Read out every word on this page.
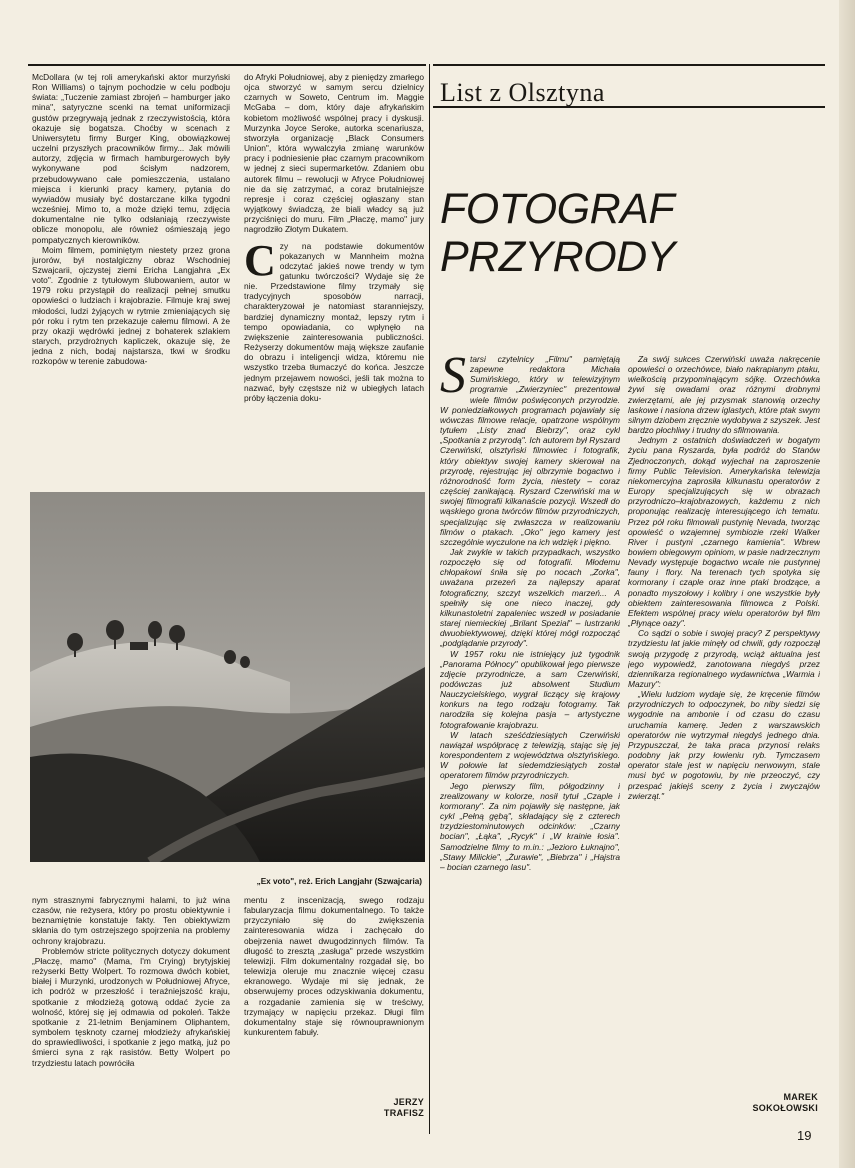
List z Olsztyna
FOTOGRAF
PRZYRODY

McDollara (w tej roli amerykański aktor murzyński Ron Williams) o tajnym pochodzie w celu podboju świata: „Tuczenie zamiast zbrojeń – hamburger jako mina", satyryczne scenki na temat uniformizacji gustów przegrywają jednak z rzeczywistością, która okazuje się bogatsza. Choćby w scenach z Uniwersytetu firmy Burger King, obowiązkowej uczelni przyszłych pracowników firmy... Jak mówili autorzy, zdjęcia w firmach hamburgerowych były wykonywane pod ścisłym nadzorem, przebudowywano całe pomieszczenia, ustalano miejsca i kierunki pracy kamery, pytania do wywiadów musiały być dostarczane kilka tygodni wcześniej. Mimo to, a może dzięki temu, zdjęcia dokumentalne nie tylko odsłaniają rzeczywiste oblicze monopolu, ale również ośmieszają jego pompatycznych kierowników.

Moim filmem, pominiętym niestety przez grona jurorów, był nostalgiczny obraz Wschodniej Szwajcarii, ojczystej ziemi Ericha Langjahra „Ex voto". Zgodnie z tytułowym ślubowaniem, autor w 1979 roku przystąpił do realizacji pełnej smutku opowieści o ludziach i krajobrazie. Filmuje kraj swej młodości, ludzi żyjących w rytmie zmieniających się pór roku i rytm ten przekazuje całemu filmowi. A że przy okazji wędrówki jednej z bohaterek szlakiem starych, przydrożnych kapliczek, okazuje się, że jedna z nich, bodaj najstarsza, tkwi w środku rozkopów w terenie zabudowa-

do Afryki Południowej, aby z pieniędzy zmarłego ojca stworzyć w samym sercu dzielnicy czarnych w Soweto, Centrum im. Maggie McGaba – dom, który daje afrykańskim kobietom możliwość wspólnej pracy i dyskusji. Murzynka Joyce Seroke, autorka scenariusza, stworzyła organizację „Black Consumers Union", która wywalczyła zmianę warunków pracy i podniesienie płac czarnym pracownikom w jednej z sieci supermarketów. Zdaniem obu autorek filmu – rewolucji w Afryce Południowej nie da się zatrzymać, a coraz brutalniejsze represje i coraz częściej ogłaszany stan wyjątkowy świadczą, że biali władcy są już przyciśnięci do muru. Film „Płaczę, mamo" jury nagrodziło Złotym Dukatem.

Czy na podstawie dokumentów pokazanych w Mannheim można odczytać jakieś nowe trendy w tym gatunku twórczości? Wydaje się że nie. Przedstawione filmy trzymały się tradycyjnych sposobów narracji, charakteryzował je natomiast staranniejszy, bardziej dynamiczny montaż, lepszy rytm i tempo opowiadania, co wpłynęło na zwiększenie zainteresowania publiczności. Reżyserzy dokumentów mają większe zaufanie do obrazu i inteligencji widza, któremu nie wszystko trzeba tłumaczyć do końca. Jeszcze jednym przejawem nowości, jeśli tak można to nazwać, były częstsze niż w ubiegłych latach próby łączenia doku-

„Ex voto", reż. Erich Langjahr (Szwajcaria)

nym strasznymi fabrycznymi halami, to już wina czasów, nie reżysera, który po prostu obiektywnie i beznamiętnie konstatuje fakty. Ten obiektywizm skłania do tym ostrzejszego spojrzenia na problemy ochrony krajobrazu.

Problemów stricte politycznych dotyczy dokument „Płaczę, mamo" (Mama, I'm Crying) brytyjskiej reżyserki Betty Wolpert. To rozmowa dwóch kobiet, białej i Murzynki, urodzonych w Południowej Afryce, ich podróż w przeszłość i teraźniejszość kraju, spotkanie z młodzieżą gotową oddać życie za wolność, której się jej odmawia od pokoleń. Także spotkanie z 21-letnim Benjaminem Oliphantem, symbolem tęsknoty czarnej młodzieży afrykańskiej do sprawiedliwości, i spotkanie z jego matką, już po śmierci syna z rąk rasistów. Betty Wolpert po trzydziestu latach powróciła

mentu z inscenizacją, swego rodzaju fabularyzacja filmu dokumentalnego. To także przyczyniało się do zwiększenia zainteresowania widza i zachęcało do obejrzenia nawet dwugodzinnych filmów. Ta długość to zresztą „zasługa" przede wszystkim telewizji. Film dokumentalny rozgadał się, bo telewizja oleruje mu znacznie więcej czasu ekranowego. Wydaje mi się jednak, że obserwujemy proces odzyskiwania dokumentu, a rozgadanie zamienia się w treściwy, trzymający w napięciu przekaz. Długi film dokumentalny staje się równouprawnionym kunkurentem fabuły.

JERZY
TRAFISZ

Starsi czytelnicy „Filmu" pamiętają zapewne redaktora Michała Sumińskiego, który w telewizyjnym programie „Zwierzyniec" prezentował wiele filmów poświęconych przyrodzie. W poniedziałkowych programach pojawiały się wówczas filmowe relacje, opatrzone wspólnym tytułem „Listy znad Biebrzy", oraz cykl „Spotkania z przyrodą". Ich autorem był Ryszard Czerwiński, olsztyński filmowiec i fotografik, który obiektyw swojej kamery skierował na przyrodę, rejestrując jej olbrzymie bogactwo i różnorodność form życia, niestety – coraz częściej zanikającą. Ryszard Czerwiński ma w swojej filmografii kilkanaście pozycji. Wszedł do wąskiego grona twórców filmów przyrodniczych, specjalizując się zwłaszcza w realizowaniu filmów o ptakach. „Oko" jego kamery jest szczególnie wyczulone na ich wdzięk i piękno.

Jak zwykle w takich przypadkach, wszystko rozpoczęło się od fotografii. Młodemu chłopakowi śniła się po nocach „Zorka", uważana przezeń za najlepszy aparat fotograficzny, szczyt wszelkich marzeń... A spełniły się one nieco inaczej, gdy kilkunastoletni zapaleniec wszedł w posiadanie starej niemieckiej „Brilant Spezial" – lustrzanki dwuobiektywowej, dzięki której mógł rozpocząć „podglądanie przyrody".

W 1957 roku nie istniejący już tygodnik „Panorama Północy" opublikował jego pierwsze zdjęcie przyrodnicze, a sam Czerwiński, podówczas już absolwent Studium Nauczycielskiego, wygrał liczący się krajowy konkurs na tego rodzaju fotogramy. Tak narodziła się kolejna pasja – artystyczne fotografowanie krajobrazu.

W latach sześćdziesiątych Czerwiński nawiązał współpracę z telewizją, stając się jej korespondentem z województwa olsztyńskiego. W połowie lat siedemdziesiątych został operatorem filmów przyrodniczych.

Jego pierwszy film, półgodzinny i zrealizowany w kolorze, nosił tytuł „Czaple i kormorany". Za nim pojawiły się następne, jak cykl „Pełną gębą", składający się z czterech trzydziestominutowych odcinków: „Czarny bocian", „Łąka", „Rycyk" i „W krainie łosia". Samodzielne filmy to m.in.: „Jezioro Łuknajno", „Stawy Milickie", „Żurawie", „Biebrza" i „Hajstra – bocian czarnego lasu".

Za swój sukces Czerwiński uważa nakręcenie opowieści o orzechówce, biało nakrapianym ptaku, wielkością przypominającym sójkę. Orzechówka żywi się owadami oraz różnymi drobnymi zwierzętami, ale jej przysmak stanowią orzechy laskowe i nasiona drzew iglastych, które ptak swym silnym dziobem zręcznie wydobywa z szyszek. Jest bardzo płochliwy i trudny do sfilmowania.

Jednym z ostatnich doświadczeń w bogatym życiu pana Ryszarda, była podróż do Stanów Zjednoczonych, dokąd wyjechał na zaproszenie firmy Public Television. Amerykańska telewizja niekomercyjna zaprosiła kilkunastu operatorów z Europy specjalizujących się w obrazach przyrodniczo–krajobrazowych, każdemu z nich proponując realizację interesującego ich tematu. Przez pół roku filmowali pustynię Nevada, tworząc opowieść o wzajemnej symbiozie rzeki Walker River i pustyni „czarnego kamienia". Wbrew bowiem obiegowym opiniom, w pasie nadrzecznym Nevady występuje bogactwo wcale nie pustynnej fauny i flory. Na terenach tych spotyka się kormorany i czaple oraz inne ptaki brodzące, a ponadto myszołowy i kolibry i one wszystkie były obiektem zainteresowania filmowca z Polski. Efektem wspólnej pracy wielu operatorów był film „Płynące oazy".

Co sądzi o sobie i swojej pracy? Z perspektywy trzydziestu lat jakie minęły od chwili, gdy rozpoczął swoją przygodę z przyrodą, wciąż aktualna jest jego wypowiedź, zanotowana niegdyś przez dziennikarza regionalnego wydawnictwa „Warmia i Mazury":

„Wielu ludziom wydaje się, że kręcenie filmów przyrodniczych to odpoczynek, bo niby siedzi się wygodnie na ambonie i od czasu do czasu uruchamia kamerę. Jeden z warszawskich operatorów nie wytrzymał niegdyś jednego dnia. Przypuszczał, że taka praca przynosi relaks podobny jak przy łowieniu ryb. Tymczasem operator stale jest w napięciu nerwowym, stale musi być w pogotowiu, by nie przeoczyć, czy przespać jakiejś sceny z życia i zwyczajów zwierząt."

MAREK
SOKOŁOWSKI
19
